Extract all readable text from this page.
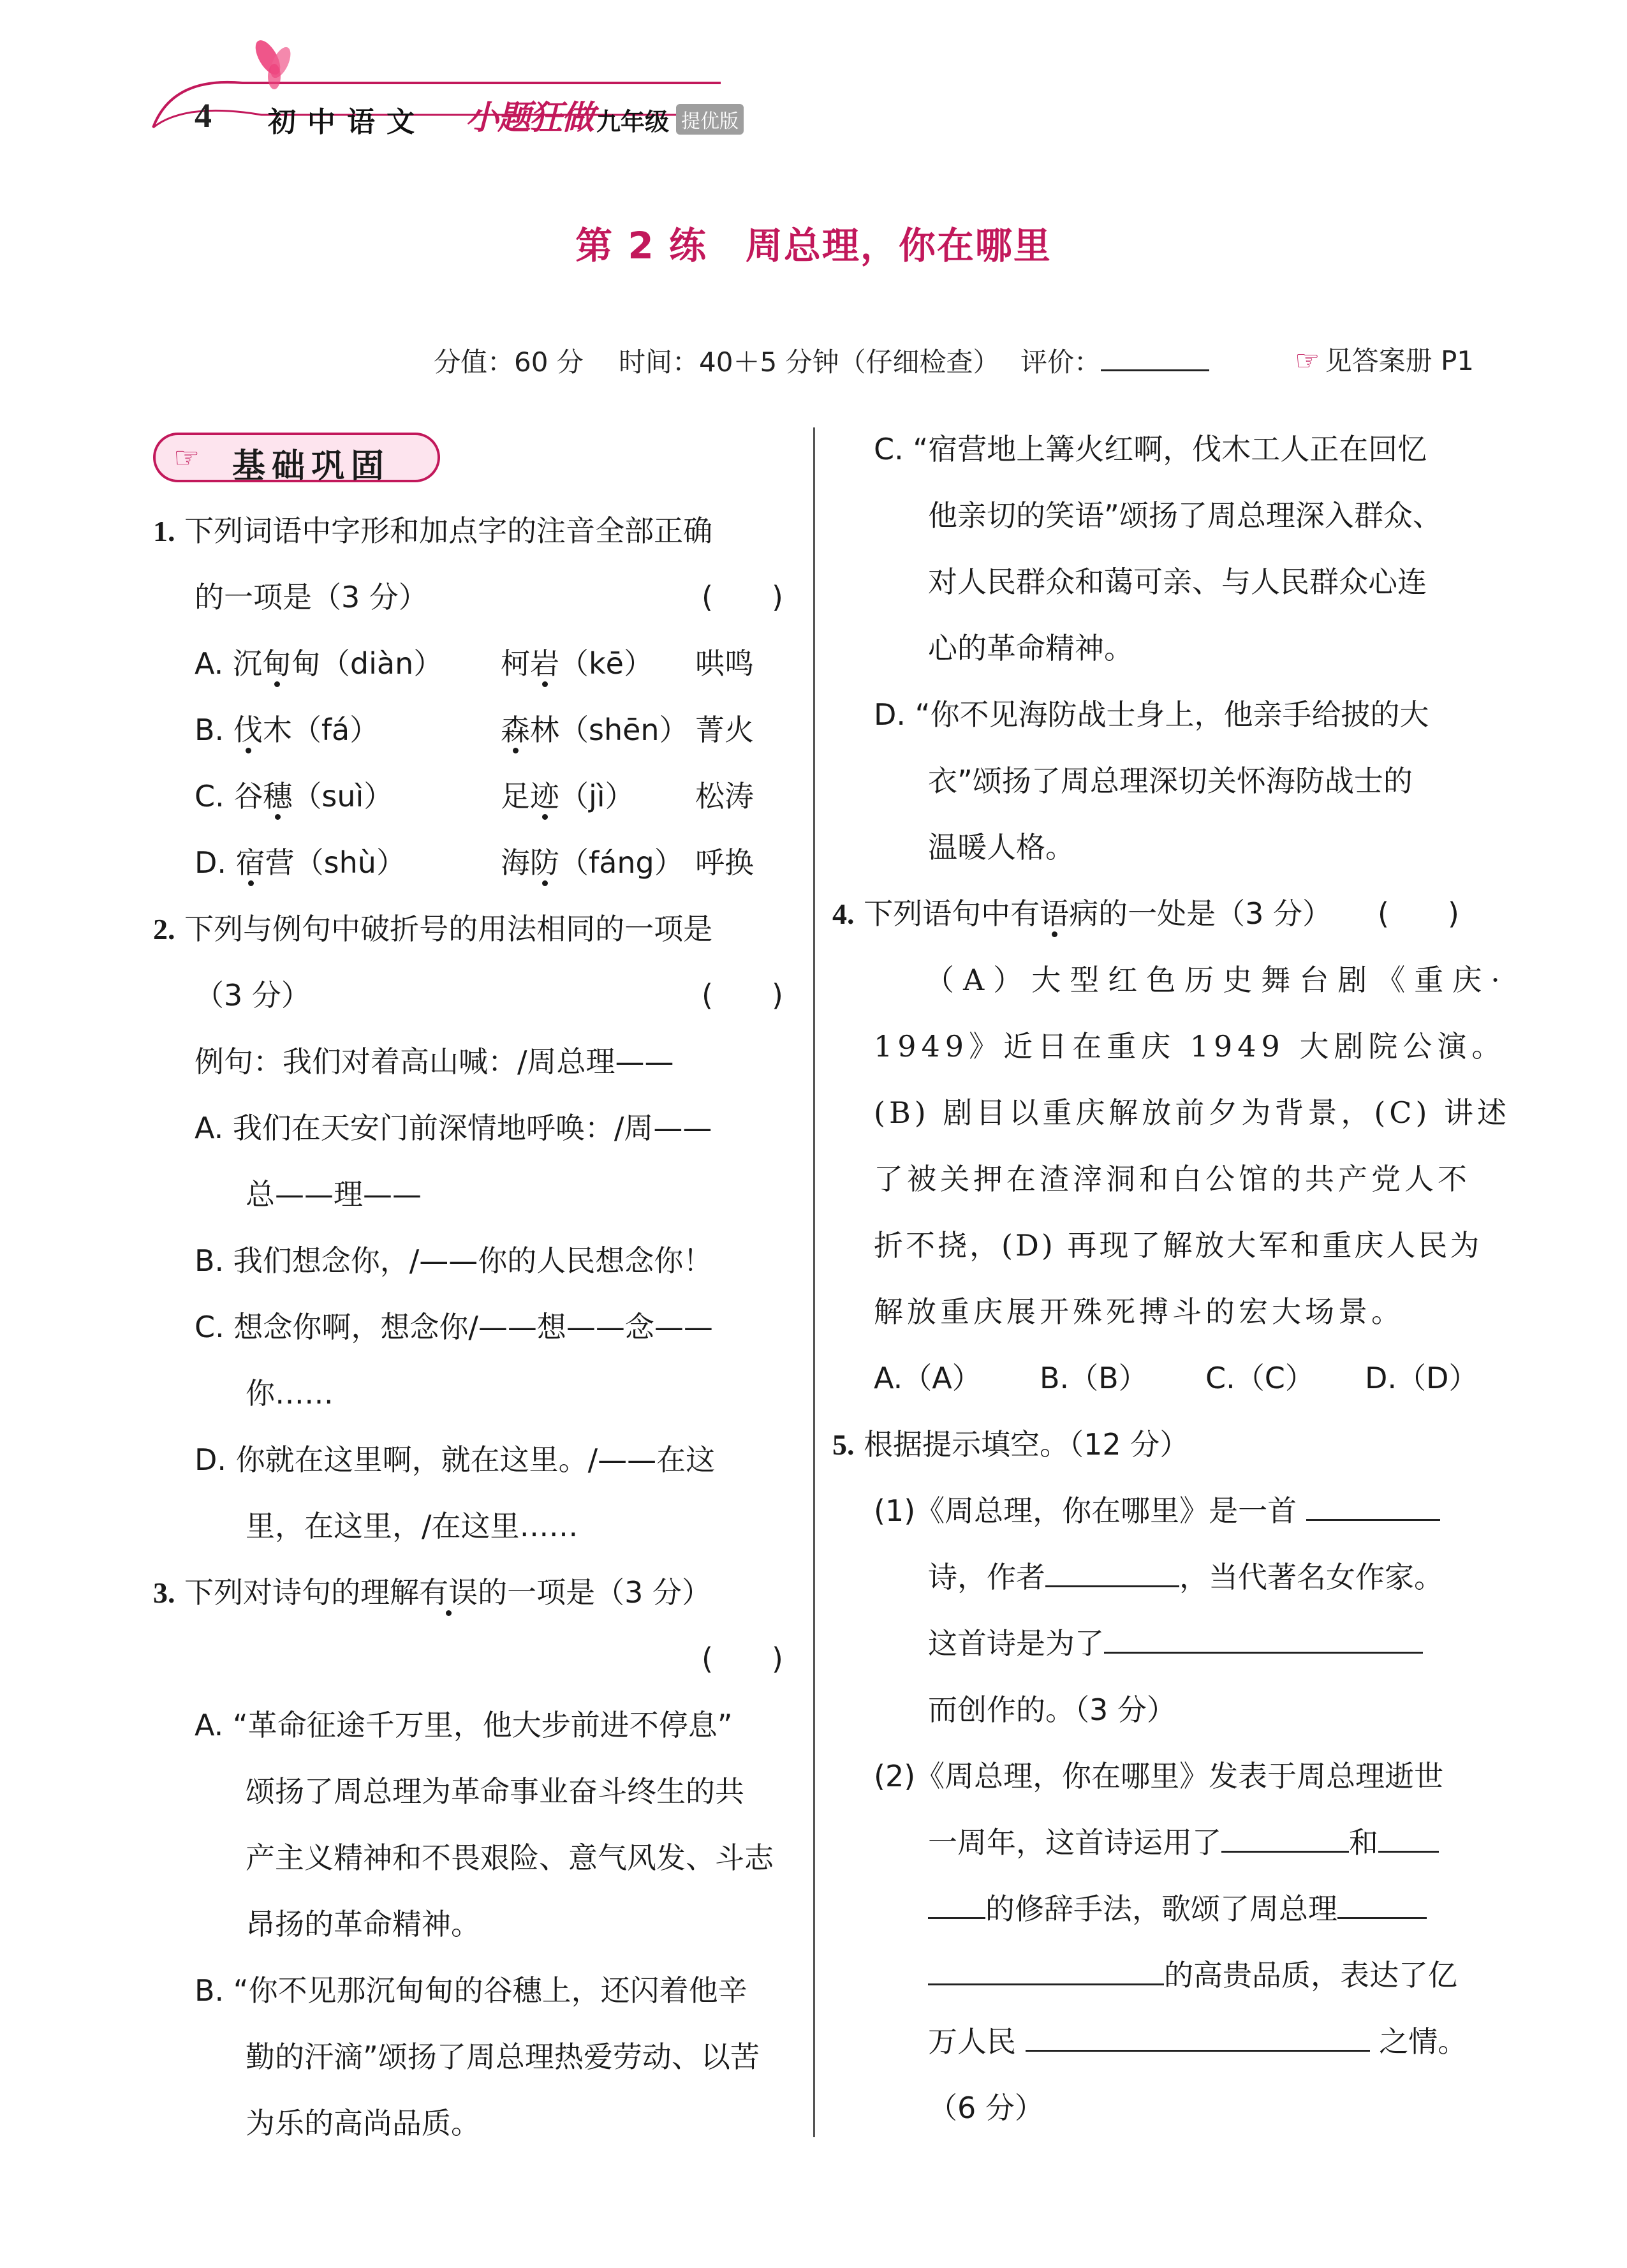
4 初中语文 小题狂做 九年级 提优版
第 2 练　周总理，你在哪里
分值：60 分 时间：40＋5 分钟（仔细检查） 评价：	☞ 见答案册 P1
☞ 基础巩固
1. 下列词语中字形和加点字的注音全部正确
的一项是（3 分）	(　　)
A. 沉甸甸（diàn） 柯岩（kē） 哄鸣
B. 伐木（fá）	森林（shēn） 菁火
C. 谷穗（suì）	足迹（jì） 松涛
D. 宿营（shù）	海防（fáng） 呼换
2. 下列与例句中破折号的用法相同的一项是
（3 分）	(　　)
例句：我们对着高山喊：/周总理——
A. 我们在天安门前深情地呼唤：/周——
总——理——
B. 我们想念你，/——你的人民想念你！
C. 想念你啊，想念你/——想——念——
你……
D. 你就在这里啊，就在这里。/——在这
里，在这里，/在这里……
3. 下列对诗句的理解有误的一项是（3 分）
(　　)
A. “革命征途千万里，他大步前进不停息”
颂扬了周总理为革命事业奋斗终生的共
产主义精神和不畏艰险、意气风发、斗志
昂扬的革命精神。
B. “你不见那沉甸甸的谷穗上，还闪着他辛
勤的汗滴”颂扬了周总理热爱劳动、以苦
为乐的高尚品质。
C. “宿营地上篝火红啊，伐木工人正在回忆
他亲切的笑语”颂扬了周总理深入群众、
对人民群众和蔼可亲、与人民群众心连
心的革命精神。
D. “你不见海防战士身上，他亲手给披的大
衣”颂扬了周总理深切关怀海防战士的
温暖人格。
4. 下列语句中有语病的一处是（3 分） (　　)
（A）大型红色历史舞台剧《重庆·
1949》近日在重庆 1949 大剧院公演。
(B) 剧目以重庆解放前夕为背景，(C) 讲述
了被关押在渣滓洞和白公馆的共产党人不
折不挠，(D) 再现了解放大军和重庆人民为
解放重庆展开殊死搏斗的宏大场景。
A.（A） B.（B） C.（C） D.（D）
5. 根据提示填空。（12 分）
(1)《周总理，你在哪里》是一首
诗，作者	，当代著名女作家。
这首诗是为了
而创作的。（3 分）
(2)《周总理，你在哪里》发表于周总理逝世
一周年，这首诗运用了	和
的修辞手法，歌颂了周总理
的高贵品质，表达了亿
万人民	之情。
（6 分）
